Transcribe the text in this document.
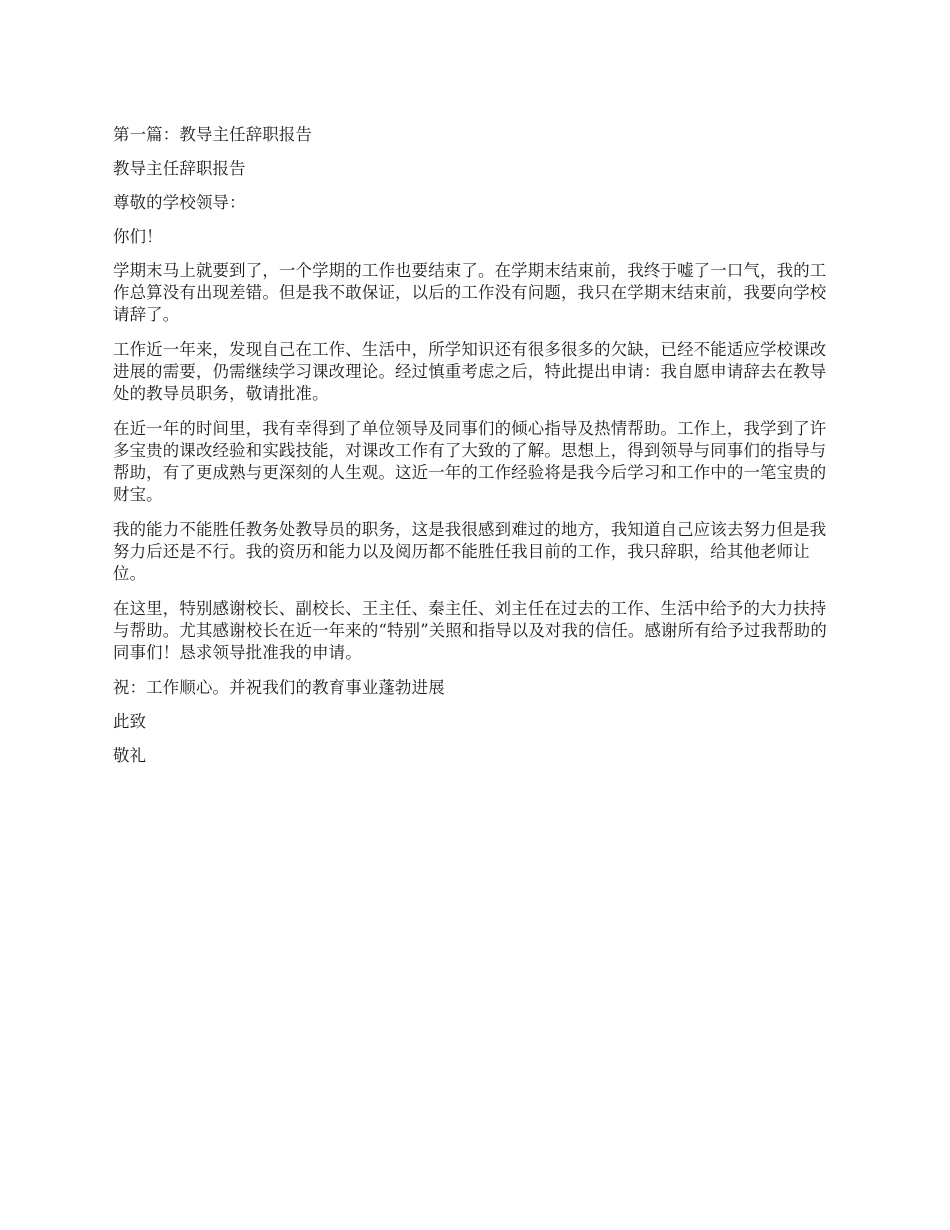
第一篇：教导主任辞职报告

教导主任辞职报告

尊敬的学校领导：

你们！

学期末马上就要到了，一个学期的工作也要结束了。在学期末结束前，我终于嘘了一口气，我的工作总算没有出现差错。但是我不敢保证，以后的工作没有问题，我只在学期末结束前，我要向学校请辞了。

工作近一年来，发现自己在工作、生活中，所学知识还有很多很多的欠缺，已经不能适应学校课改进展的需要，仍需继续学习课改理论。经过慎重考虑之后，特此提出申请：我自愿申请辞去在教导处的教导员职务，敬请批准。

在近一年的时间里，我有幸得到了单位领导及同事们的倾心指导及热情帮助。工作上，我学到了许多宝贵的课改经验和实践技能，对课改工作有了大致的了解。思想上，得到领导与同事们的指导与帮助，有了更成熟与更深刻的人生观。这近一年的工作经验将是我今后学习和工作中的一笔宝贵的财宝。

我的能力不能胜任教务处教导员的职务，这是我很感到难过的地方，我知道自己应该去努力但是我努力后还是不行。我的资历和能力以及阅历都不能胜任我目前的工作，我只辞职，给其他老师让位。

在这里，特别感谢校长、副校长、王主任、秦主任、刘主任在过去的工作、生活中给予的大力扶持与帮助。尤其感谢校长在近一年来的“特别”关照和指导以及对我的信任。感谢所有给予过我帮助的同事们！恳求领导批准我的申请。

祝：工作顺心。并祝我们的教育事业蓬勃进展

此致

敬礼
